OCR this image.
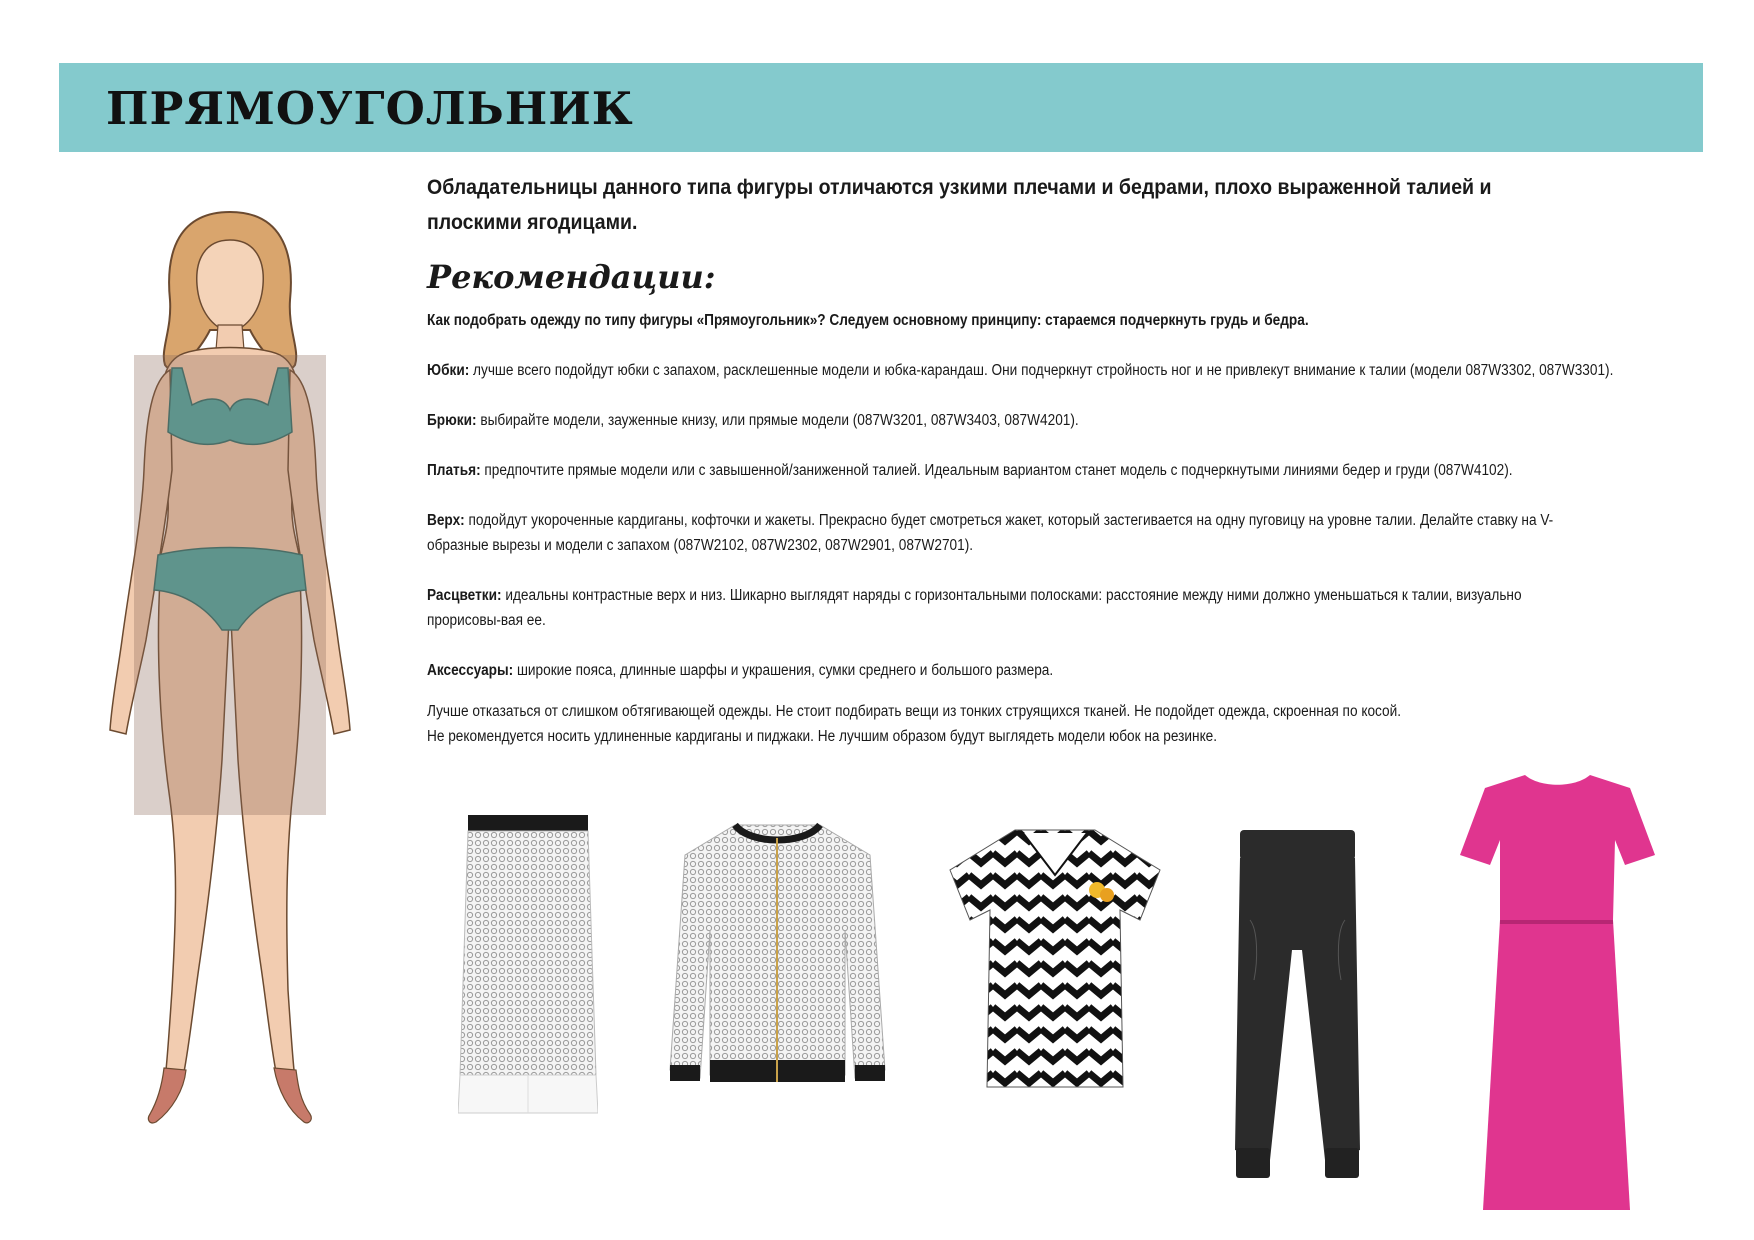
ПРЯМОУГОЛЬНИК

Обладательницы данного типа фигуры отличаются узкими плечами и бедрами, плохо выраженной талией и плоскими ягодицами.

Рекомендации:

Как подобрать одежду по типу фигуры «Прямоугольник»? Следуем основному принципу: стараемся подчеркнуть грудь и бедра.

Юбки: лучше всего подойдут юбки с запахом, расклешенные модели и юбка-карандаш. Они подчеркнут стройность ног и не привлекут внимание к талии (модели 087W3302, 087W3301).

Брюки: выбирайте модели, зауженные книзу, или прямые модели (087W3201, 087W3403, 087W4201).

Платья: предпочтите прямые модели или с завышенной/заниженной талией. Идеальным вариантом станет модель с подчеркнутыми линиями бедер и груди (087W4102).

Верх: подойдут укороченные кардиганы, кофточки и жакеты. Прекрасно будет смотреться жакет, который застегивается на одну пуговицу на уровне талии. Делайте ставку на V-образные вырезы и модели с запахом (087W2102, 087W2302, 087W2901, 087W2701).

Расцветки: идеальны контрастные верх и низ. Шикарно выглядят наряды с горизонтальными полосками: расстояние между ними должно уменьшаться к талии, визуально прорисовы-вая ее.

Аксессуары: широкие пояса, длинные шарфы и украшения, сумки среднего и большого размера.

Лучше отказаться от слишком обтягивающей одежды. Не стоит подбирать вещи из тонких струящихся тканей. Не подойдет одежда, скроенная по косой.

Не рекомендуется носить удлиненные кардиганы и пиджаки. Не лучшим образом будут выглядеть модели юбок на резинке.
